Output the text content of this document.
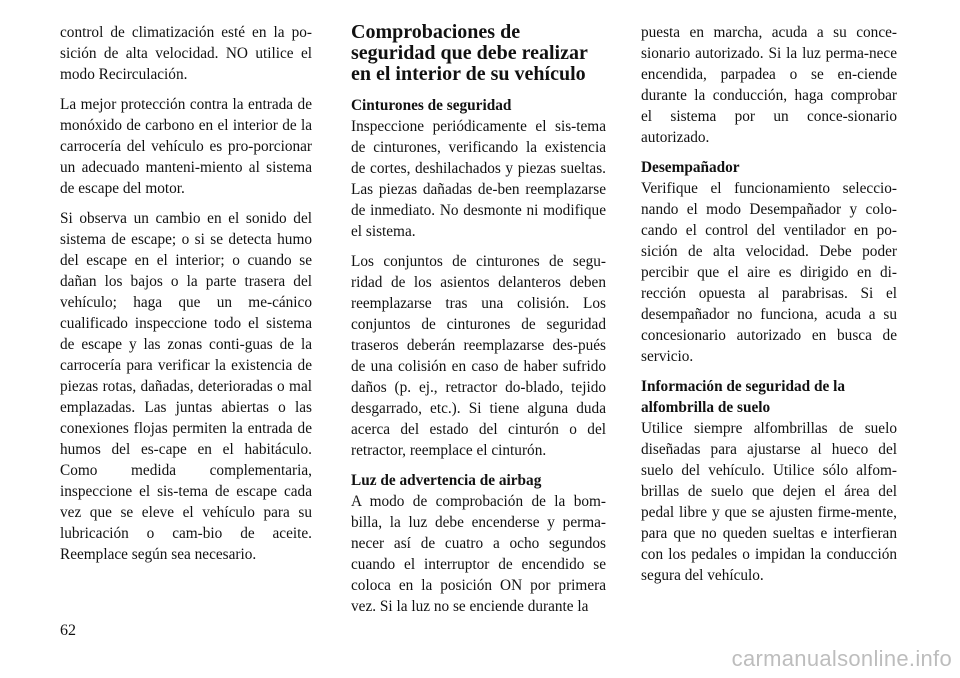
control de climatización esté en la po-sición de alta velocidad. NO utilice el modo Recirculación.

La mejor protección contra la entrada de monóxido de carbono en el interior de la carrocería del vehículo es pro-porcionar un adecuado manteni-miento al sistema de escape del motor.

Si observa un cambio en el sonido del sistema de escape; o si se detecta humo del escape en el interior; o cuando se dañan los bajos o la parte trasera del vehículo; haga que un me-cánico cualificado inspeccione todo el sistema de escape y las zonas conti-guas de la carrocería para verificar la existencia de piezas rotas, dañadas, deterioradas o mal emplazadas. Las juntas abiertas o las conexiones flojas permiten la entrada de humos del es-cape en el habitáculo. Como medida complementaria, inspeccione el sis-tema de escape cada vez que se eleve el vehículo para su lubricación o cam-bio de aceite. Reemplace según sea necesario.

Comprobaciones de seguridad que debe realizar en el interior de su vehículo

Cinturones de seguridad
Inspeccione periódicamente el sis-tema de cinturones, verificando la existencia de cortes, deshilachados y piezas sueltas. Las piezas dañadas de-ben reemplazarse de inmediato. No desmonte ni modifique el sistema.

Los conjuntos de cinturones de segu-ridad de los asientos delanteros deben reemplazarse tras una colisión. Los conjuntos de cinturones de seguridad traseros deberán reemplazarse des-pués de una colisión en caso de haber sufrido daños (p. ej., retractor do-blado, tejido desgarrado, etc.). Si tiene alguna duda acerca del estado del cinturón o del retractor, reemplace el cinturón.

Luz de advertencia de airbag
A modo de comprobación de la bom-billa, la luz debe encenderse y perma-necer así de cuatro a ocho segundos cuando el interruptor de encendido se coloca en la posición ON por primera vez. Si la luz no se enciende durante la

puesta en marcha, acuda a su conce-sionario autorizado. Si la luz perma-nece encendida, parpadea o se en-ciende durante la conducción, haga comprobar el sistema por un conce-sionario autorizado.

Desempañador
Verifique el funcionamiento seleccio-nando el modo Desempañador y colo-cando el control del ventilador en po-sición de alta velocidad. Debe poder percibir que el aire es dirigido en di-rección opuesta al parabrisas. Si el desempañador no funciona, acuda a su concesionario autorizado en busca de servicio.

Información de seguridad de la alfombrilla de suelo
Utilice siempre alfombrillas de suelo diseñadas para ajustarse al hueco del suelo del vehículo. Utilice sólo alfom-brillas de suelo que dejen el área del pedal libre y que se ajusten firme-mente, para que no queden sueltas e interfieran con los pedales o impidan la conducción segura del vehículo.

62
carmanualsonline.info
